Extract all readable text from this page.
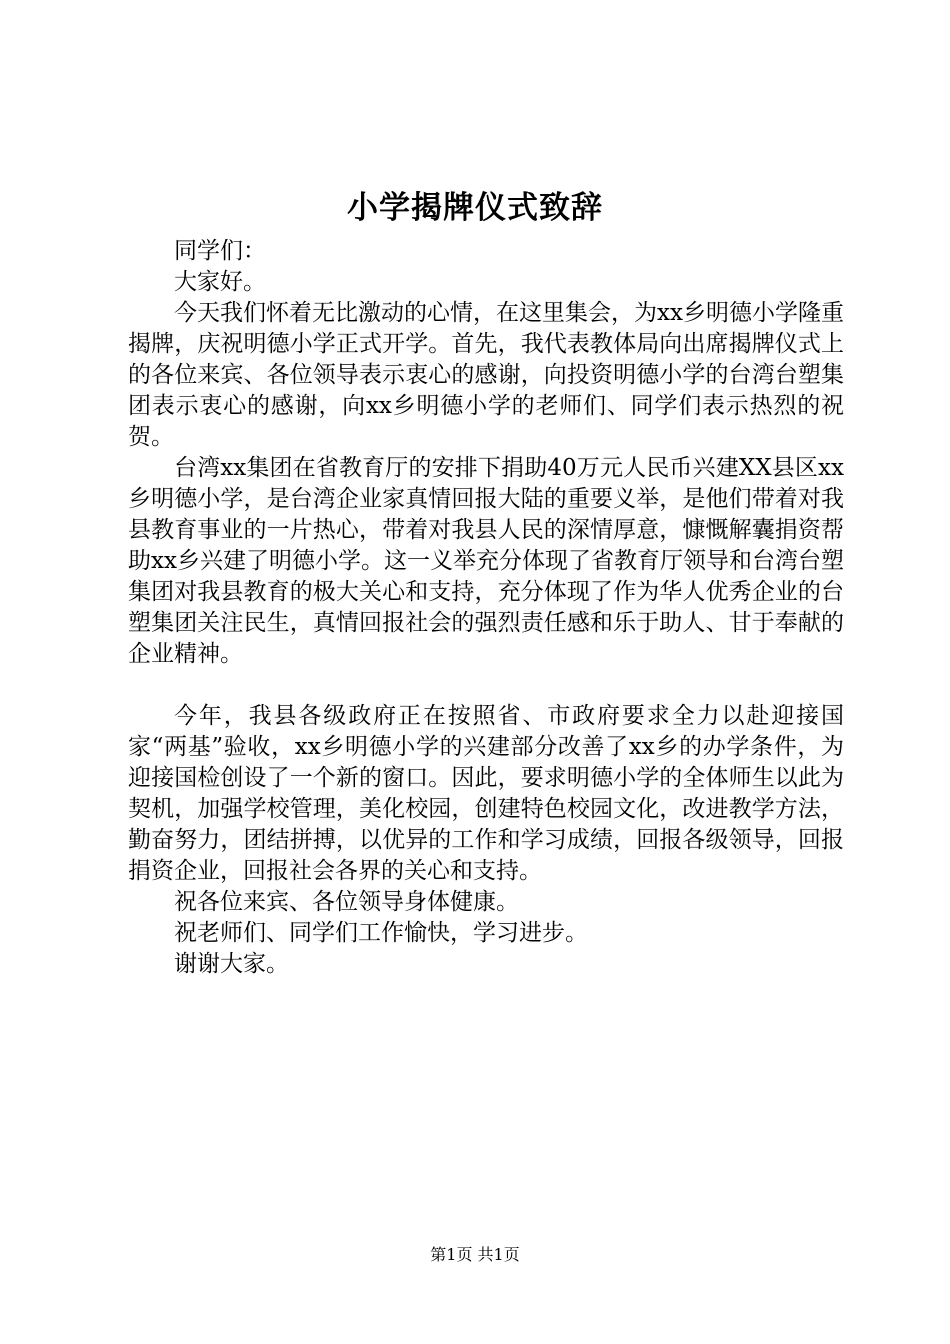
小学揭牌仪式致辞

同学们：

大家好。

今天我们怀着无比激动的心情，在这里集会，为xx乡明德小学隆重揭牌，庆祝明德小学正式开学。首先，我代表教体局向出席揭牌仪式上的各位来宾、各位领导表示衷心的感谢，向投资明德小学的台湾台塑集团表示衷心的感谢，向xx乡明德小学的老师们、同学们表示热烈的祝贺。

台湾xx集团在省教育厅的安排下捐助40万元人民币兴建XX县区xx乡明德小学，是台湾企业家真情回报大陆的重要义举，是他们带着对我县教育事业的一片热心，带着对我县人民的深情厚意，慷慨解囊捐资帮助xx乡兴建了明德小学。这一义举充分体现了省教育厅领导和台湾台塑集团对我县教育的极大关心和支持，充分体现了作为华人优秀企业的台塑集团关注民生，真情回报社会的强烈责任感和乐于助人、甘于奉献的企业精神。

今年，我县各级政府正在按照省、市政府要求全力以赴迎接国家“两基”验收，xx乡明德小学的兴建部分改善了xx乡的办学条件，为迎接国检创设了一个新的窗口。因此，要求明德小学的全体师生以此为契机，加强学校管理，美化校园，创建特色校园文化，改进教学方法，勤奋努力，团结拼搏，以优异的工作和学习成绩，回报各级领导，回报捐资企业，回报社会各界的关心和支持。

祝各位来宾、各位领导身体健康。

祝老师们、同学们工作愉快，学习进步。

谢谢大家。

第1页 共1页
